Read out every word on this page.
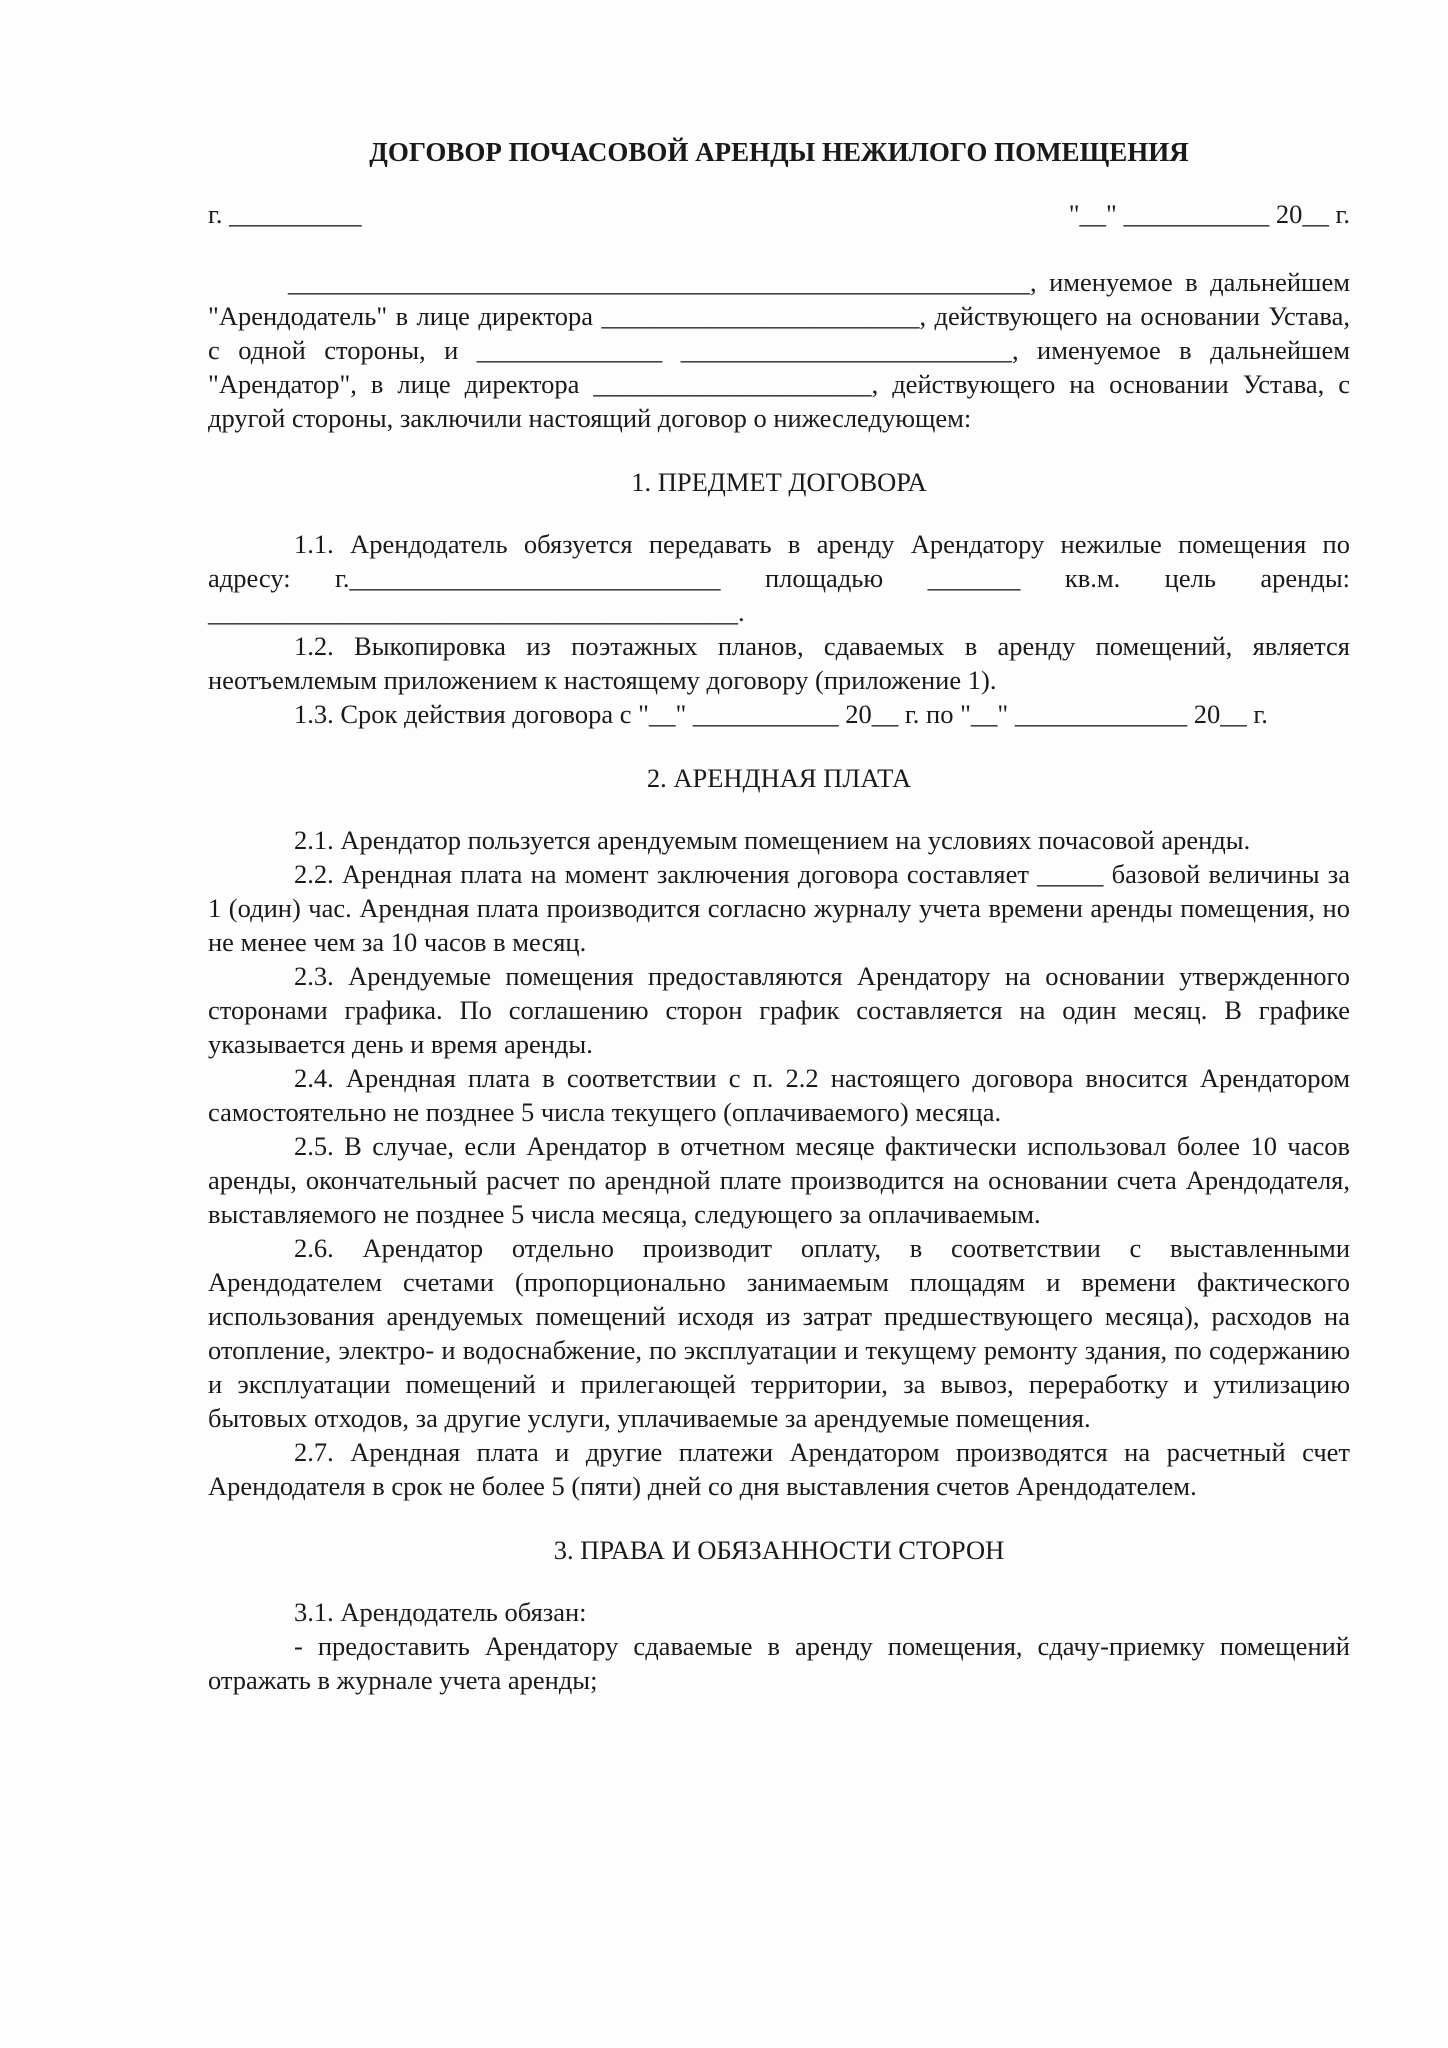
ДОГОВОР ПОЧАСОВОЙ АРЕНДЫ НЕЖИЛОГО ПОМЕЩЕНИЯ

г. __________	"__" ___________ 20__ г.

________________________________________________________, именуемое в дальнейшем "Арендодатель" в лице директора ________________________, действующего на основании Устава, с одной стороны, и ______________ _________________________, именуемое в дальнейшем "Арендатор", в лице директора _____________________, действующего на основании Устава, с другой стороны, заключили настоящий договор о нижеследующем:

1. ПРЕДМЕТ ДОГОВОРА

1.1. Арендодатель обязуется передавать в аренду Арендатору нежилые помещения по адресу: г.____________________________ площадью _______ кв.м. цель аренды: ________________________________________.

1.2. Выкопировка из поэтажных планов, сдаваемых в аренду помещений, является неотъемлемым приложением к настоящему договору (приложение 1).

1.3. Срок действия договора с "__" ___________ 20__ г. по "__" _____________ 20__ г.

2. АРЕНДНАЯ ПЛАТА

2.1. Арендатор пользуется арендуемым помещением на условиях почасовой аренды.

2.2. Арендная плата на момент заключения договора составляет _____ базовой величины за 1 (один) час. Арендная плата производится согласно журналу учета времени аренды помещения, но не менее чем за 10 часов в месяц.

2.3. Арендуемые помещения предоставляются Арендатору на основании утвержденного сторонами графика. По соглашению сторон график составляется на один месяц. В графике указывается день и время аренды.

2.4. Арендная плата в соответствии с п. 2.2 настоящего договора вносится Арендатором самостоятельно не позднее 5 числа текущего (оплачиваемого) месяца.

2.5. В случае, если Арендатор в отчетном месяце фактически использовал более 10 часов аренды, окончательный расчет по арендной плате производится на основании счета Арендодателя, выставляемого не позднее 5 числа месяца, следующего за оплачиваемым.

2.6. Арендатор отдельно производит оплату, в соответствии с выставленными Арендодателем счетами (пропорционально занимаемым площадям и времени фактического использования арендуемых помещений исходя из затрат предшествующего месяца), расходов на отопление, электро- и водоснабжение, по эксплуатации и текущему ремонту здания, по содержанию и эксплуатации помещений и прилегающей территории, за вывоз, переработку и утилизацию бытовых отходов, за другие услуги, уплачиваемые за арендуемые помещения.

2.7. Арендная плата и другие платежи Арендатором производятся на расчетный счет Арендодателя в срок не более 5 (пяти) дней со дня выставления счетов Арендодателем.

3. ПРАВА И ОБЯЗАННОСТИ СТОРОН

3.1. Арендодатель обязан:

- предоставить Арендатору сдаваемые в аренду помещения, сдачу-приемку помещений отражать в журнале учета аренды;
